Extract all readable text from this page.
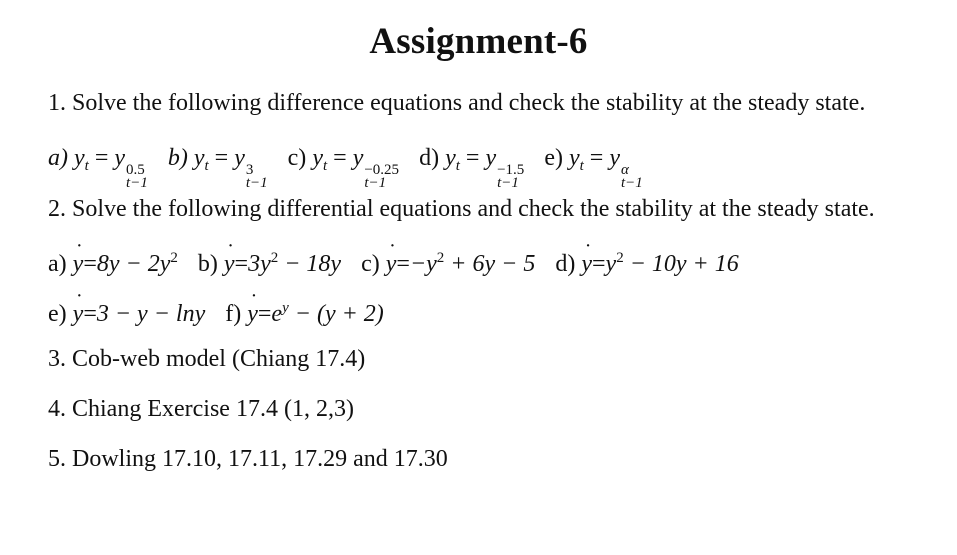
Assignment-6
1. Solve the following difference equations and check the stability at the steady state.
a) $y_t = y$ 0.5
t−1
b) $y_t = y$ 3
t−1
c) $y_t = y -0.25$
t−1
d) $y_t = y -1.5$
t−1
e) $y_t = y$ α
t−1
2. Solve the following differential equations and check the stability at the steady state.
a) y ˙=8y − $2y^2$ b) y $˙=3y^2 - 18y$ c) y $˙=-y^2 + 6y - 5$ d) y $˙=y^2 - 10y + 16$
e) y ˙=3 − y − lny f) y $˙=e^y - (y + 2)$
3. Cob-web model (Chiang 17.4)
4. Chiang Exercise 17.4 (1, 2,3)
5. Dowling 17.10, 17.11, 17.29 and 17.30
